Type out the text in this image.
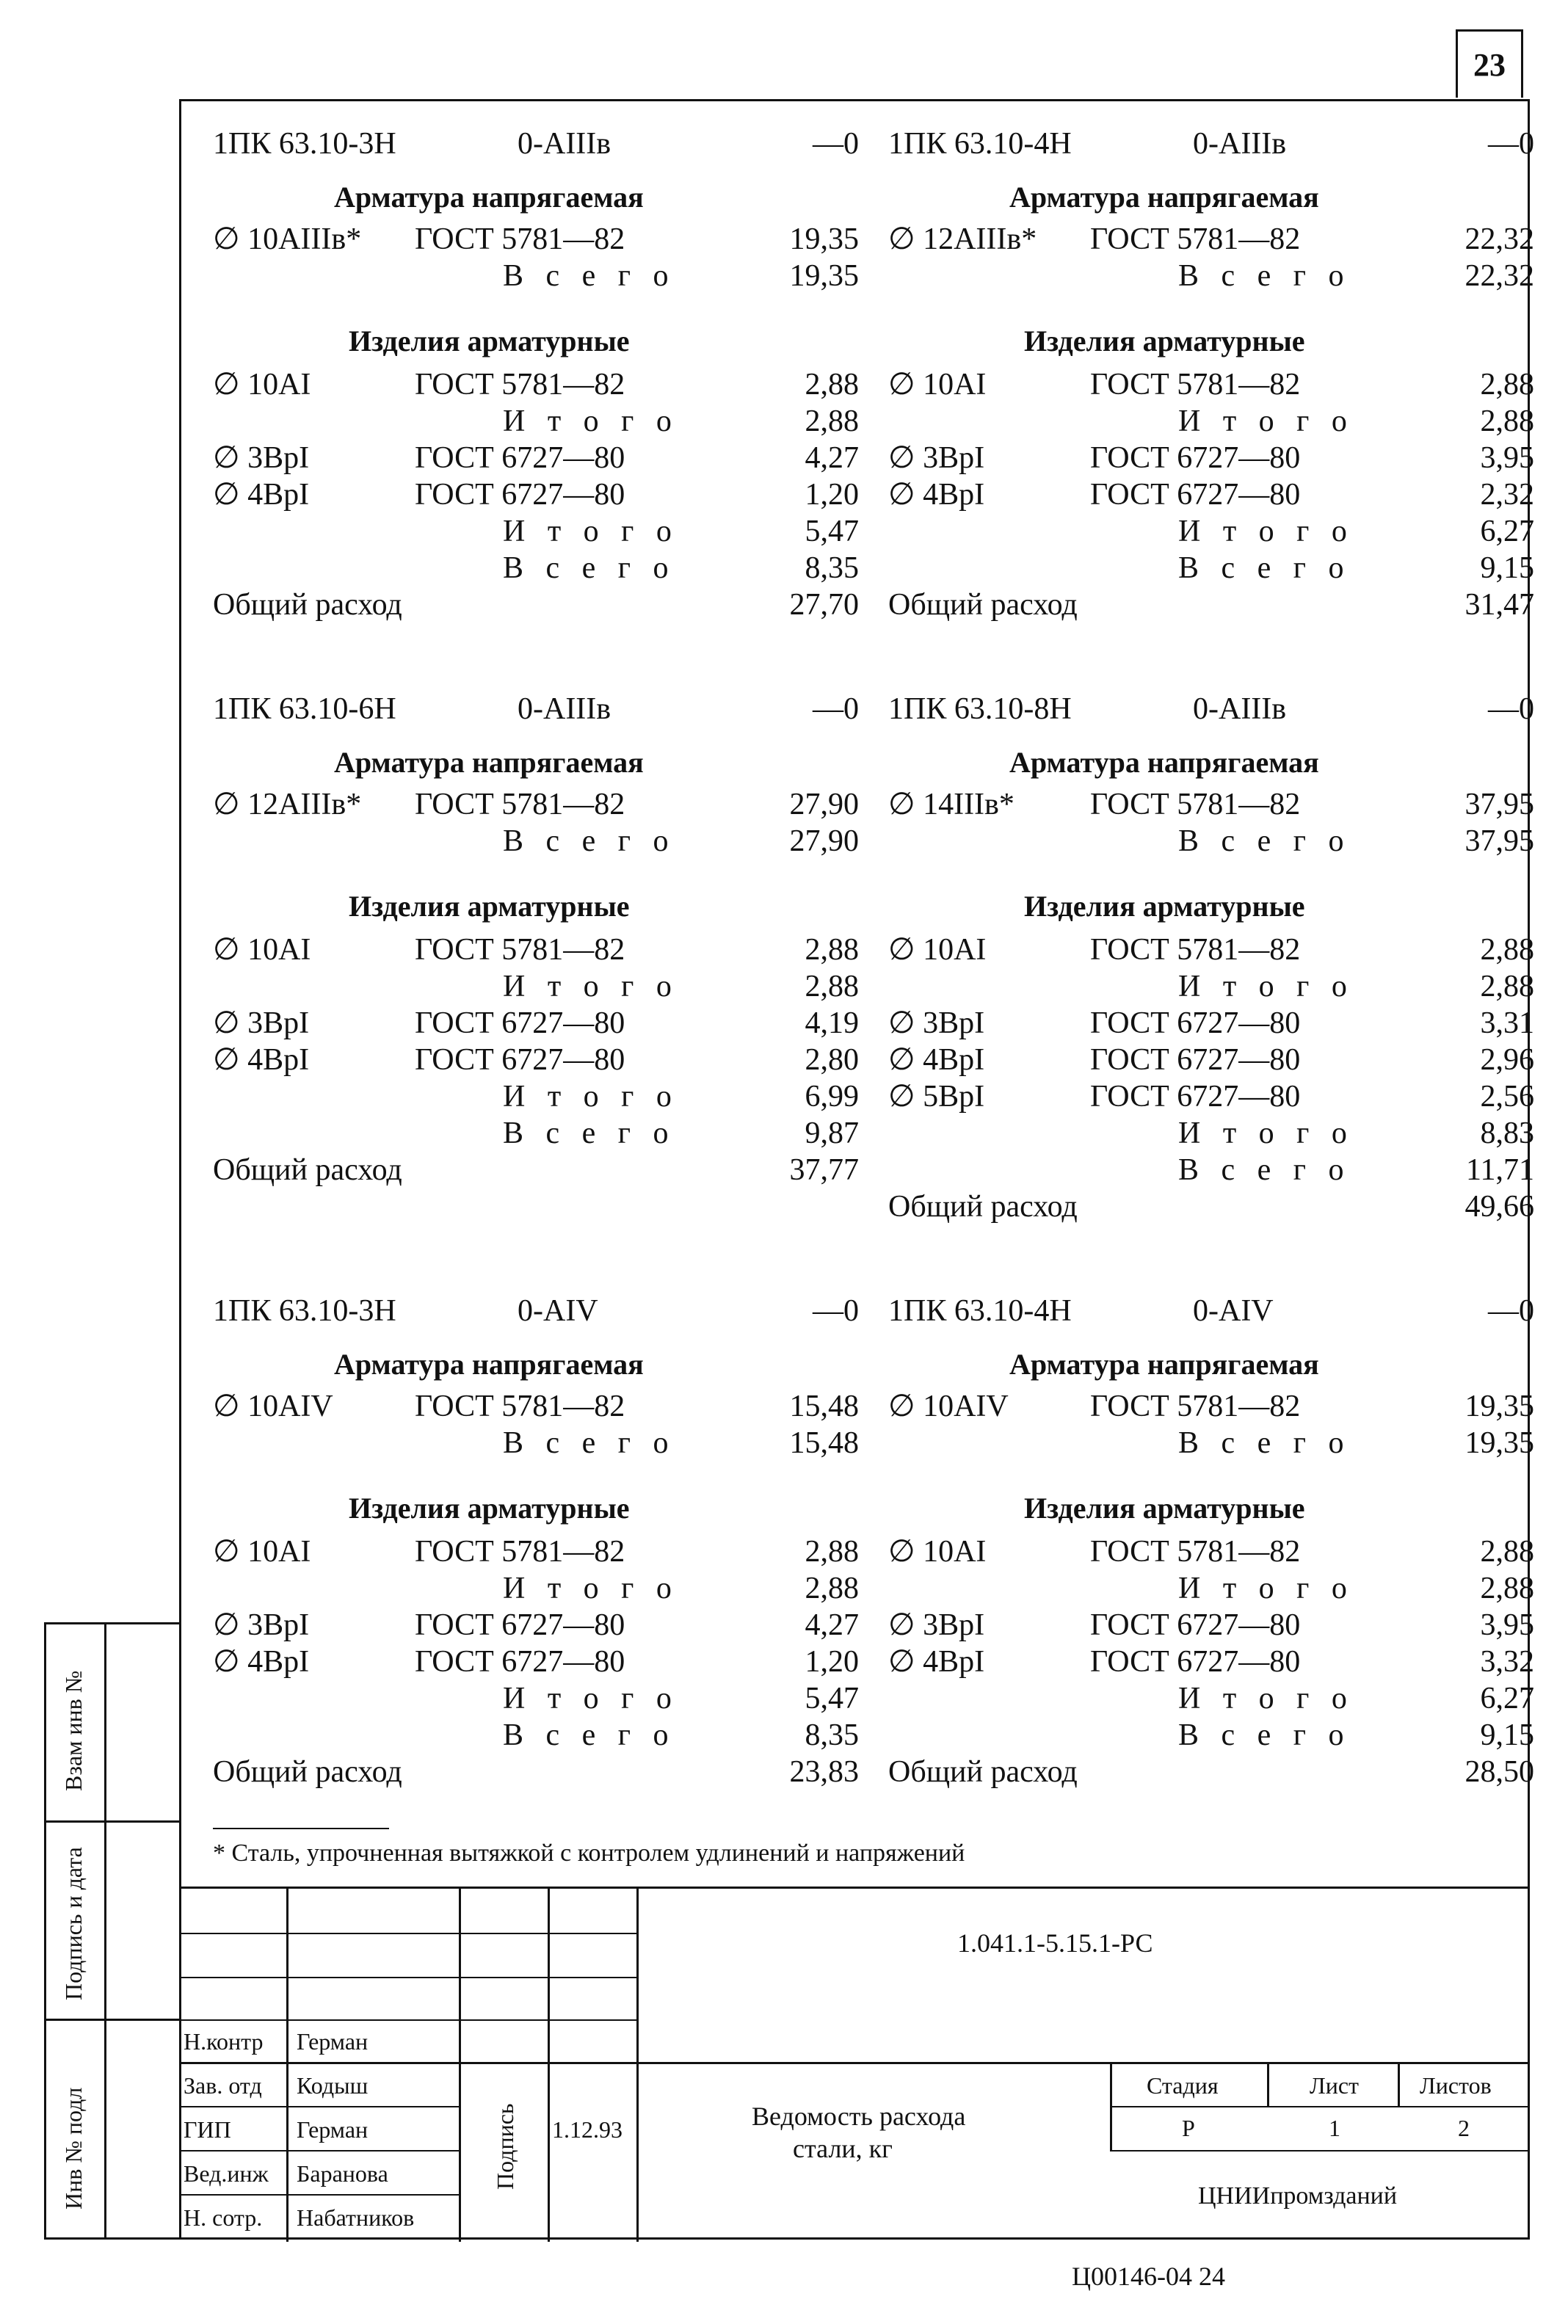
23
1ПК 63.10-3Н	0-AIIIв	—0
Арматура напрягаемая
∅ 10АIIIв* ГОСТ 5781—82	19,35
В с е г о	19,35
Изделия арматурные
∅ 10АI	ГОСТ 5781—82	2,88
И т о г о	2,88
∅ 3ВрI	ГОСТ 6727—80	4,27
∅ 4ВрI	ГОСТ 6727—80	1,20
И т о г о	5,47
В с е г о	8,35
Общий расход	27,70
1ПК 63.10-4Н	0-AIIIв	—0
Арматура напрягаемая
∅ 12АIIIв* ГОСТ 5781—82	22,32
В с е г о	22,32
Изделия арматурные
∅ 10АI	ГОСТ 5781—82	2,88
И т о г о	2,88
∅ 3ВрI	ГОСТ 6727—80	3,95
∅ 4ВрI	ГОСТ 6727—80	2,32
И т о г о	6,27
В с е г о	9,15
Общий расход	31,47
1ПК 63.10-6Н	0-AIIIв	—0
Арматура напрягаемая
∅ 12АIIIв* ГОСТ 5781—82	27,90
В с е г о	27,90
Изделия арматурные
∅ 10АI	ГОСТ 5781—82	2,88
И т о г о	2,88
∅ 3ВрI	ГОСТ 6727—80	4,19
∅ 4ВрI	ГОСТ 6727—80	2,80
И т о г о	6,99
В с е г о	9,87
Общий расход	37,77
1ПК 63.10-8Н	0-AIIIв	—0
Арматура напрягаемая
∅ 14IIIв* ГОСТ 5781—82	37,95
В с е г о	37,95
Изделия арматурные
∅ 10АI	ГОСТ 5781—82	2,88
И т о г о	2,88
∅ 3ВрI	ГОСТ 6727—80	3,31
∅ 4ВрI	ГОСТ 6727—80	2,96
∅ 5ВрI	ГОСТ 6727—80	2,56
И т о г о	8,83
В с е г о	11,71
Общий расход	49,66
1ПК 63.10-3Н	0-AIV	—0
Арматура напрягаемая
∅ 10АIV	ГОСТ 5781—82	15,48
В с е г о	15,48
Изделия арматурные
∅ 10АI	ГОСТ 5781—82	2,88
И т о г о	2,88
∅ 3ВрI	ГОСТ 6727—80	4,27
∅ 4ВрI	ГОСТ 6727—80	1,20
И т о г о	5,47
В с е г о	8,35
Общий расход	23,83
1ПК 63.10-4Н	0-AIV	—0
Арматура напрягаемая
∅ 10АIV	ГОСТ 5781—82	19,35
В с е г о	19,35
Изделия арматурные
∅ 10АI	ГОСТ 5781—82	2,88
И т о г о	2,88
∅ 3ВрI	ГОСТ 6727—80	3,95
∅ 4ВрI	ГОСТ 6727—80	3,32
И т о г о	6,27
В с е г о	9,15
Общий расход	28,50
* Сталь, упрочненная вытяжкой с контролем удлинений и напряжений
Взам инв №
Подпись и дата
Инв № подл
1.041.1-5.15.1-РС
Н.контр Герман
Зав. отд Кодыш
ГИП	Герман
Вед.инж Баранова
Н. сотр. Набатников
Подпись 1.12.93	Ведомость расхода
стали, кг
Стадия	Лист	Листов
Р	1	2
ЦНИИпромзданий
Ц00146-04 24
